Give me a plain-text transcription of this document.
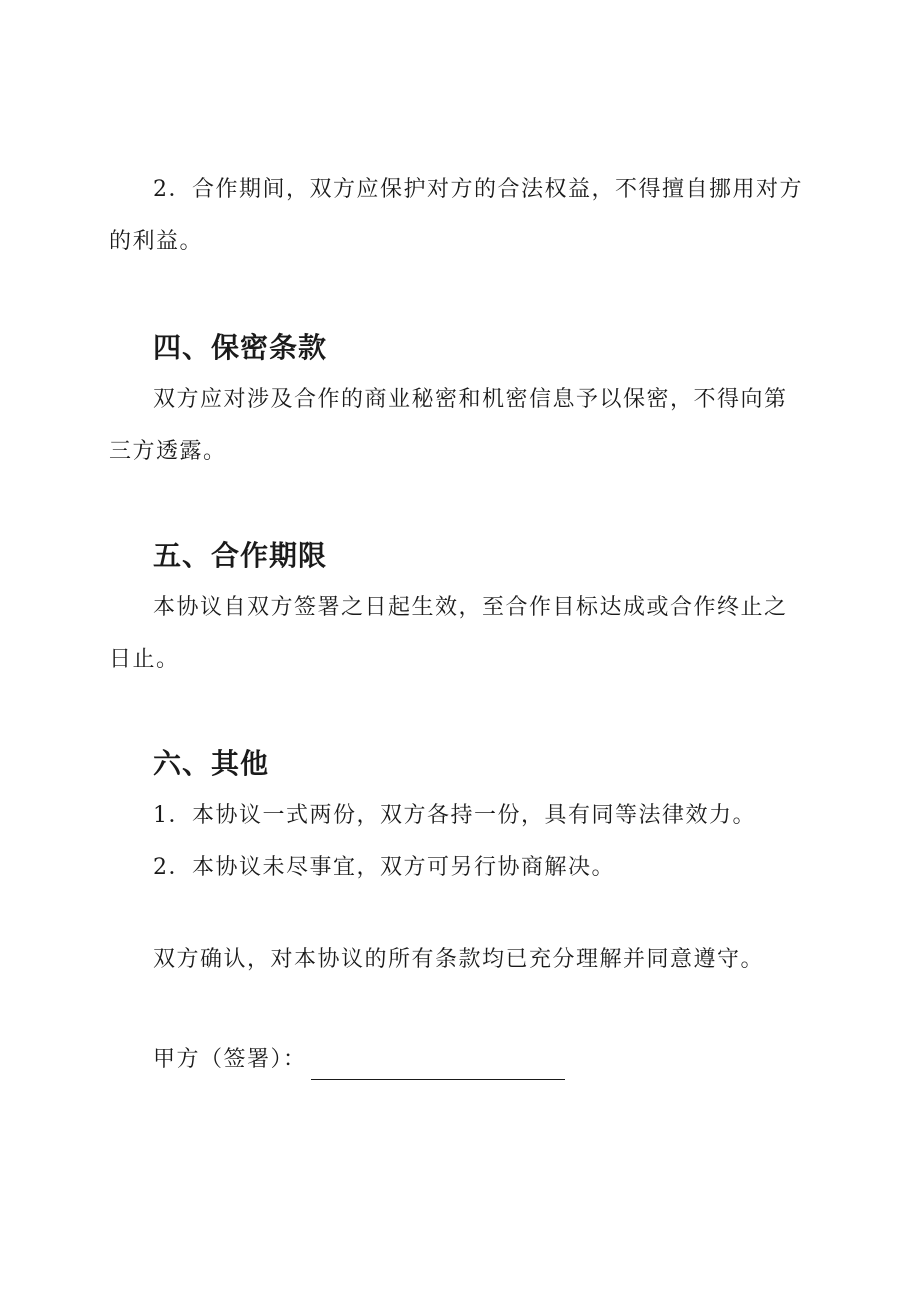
2．合作期间，双方应保护对方的合法权益，不得擅自挪用对方的利益。

四、保密条款

双方应对涉及合作的商业秘密和机密信息予以保密，不得向第三方透露。

五、合作期限

本协议自双方签署之日起生效，至合作目标达成或合作终止之日止。

六、其他

1．本协议一式两份，双方各持一份，具有同等法律效力。

2．本协议未尽事宜，双方可另行协商解决。

双方确认，对本协议的所有条款均已充分理解并同意遵守。

甲方（签署）：
